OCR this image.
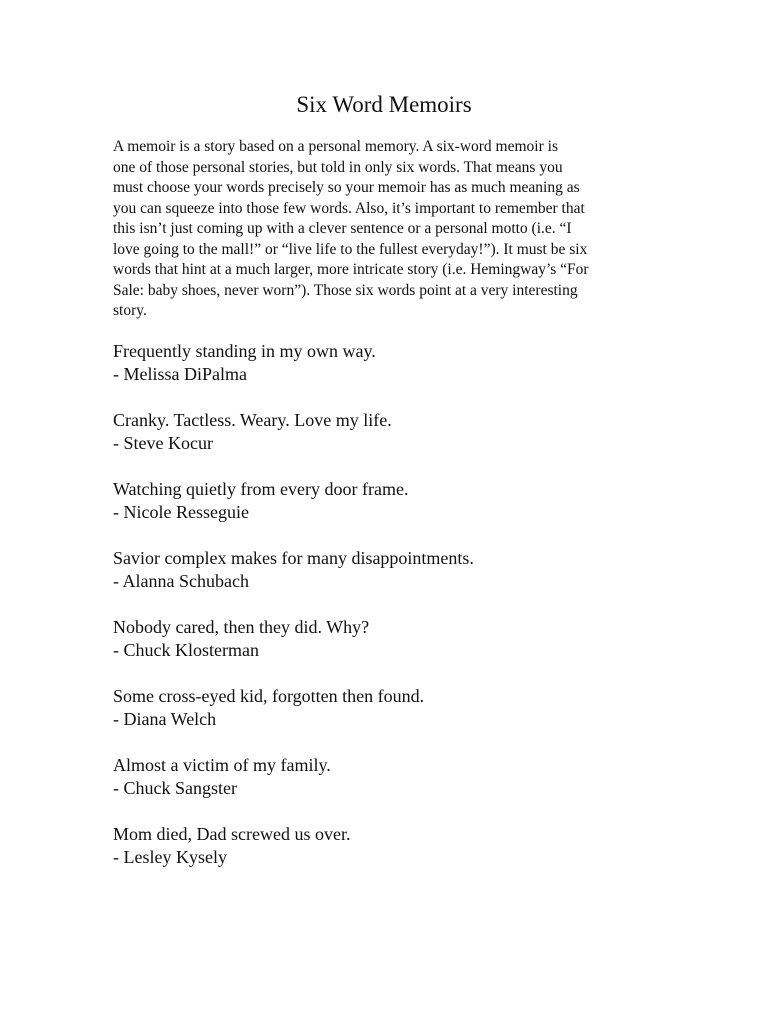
Six Word Memoirs
A memoir is a story based on a personal memory. A six-word memoir is
one of those personal stories, but told in only six words. That means you
must choose your words precisely so your memoir has as much meaning as
you can squeeze into those few words. Also, it’s important to remember that
this isn’t just coming up with a clever sentence or a personal motto (i.e. “I
love going to the mall!” or “live life to the fullest everyday!”). It must be six
words that hint at a much larger, more intricate story (i.e. Hemingway’s “For
Sale: baby shoes, never worn”). Those six words point at a very interesting
story.
Frequently standing in my own way.
- Melissa DiPalma
Cranky. Tactless. Weary. Love my life.
- Steve Kocur
Watching quietly from every door frame.
- Nicole Resseguie
Savior complex makes for many disappointments.
- Alanna Schubach
Nobody cared, then they did. Why?
- Chuck Klosterman
Some cross-eyed kid, forgotten then found.
- Diana Welch
Almost a victim of my family.
- Chuck Sangster
Mom died, Dad screwed us over.
- Lesley Kysely
